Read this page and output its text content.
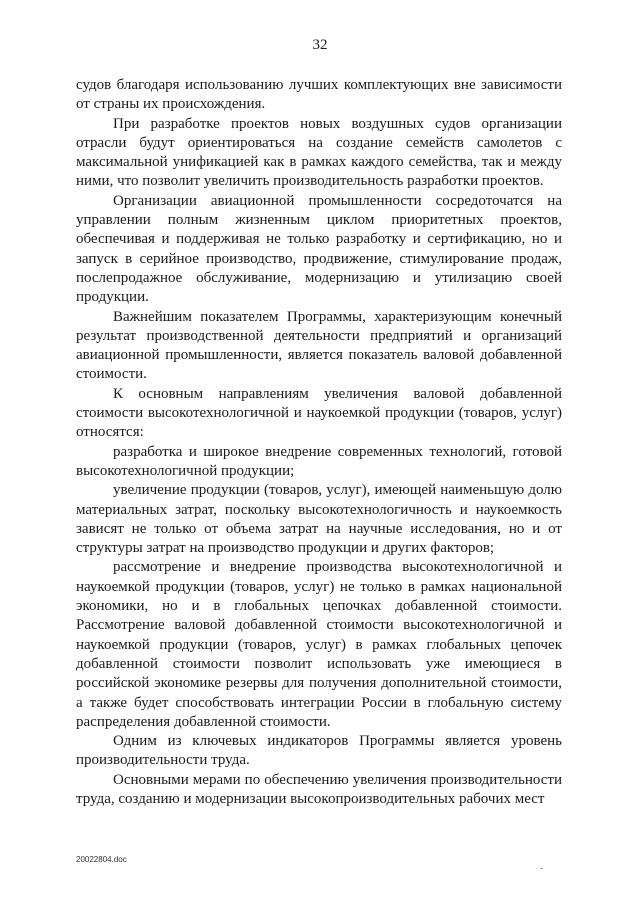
32

судов благодаря использованию лучших комплектующих вне зависимости от страны их происхождения.

При разработке проектов новых воздушных судов организации отрасли будут ориентироваться на создание семейств самолетов с максимальной унификацией как в рамках каждого семейства, так и между ними, что позволит увеличить производительность разработки проектов.

Организации авиационной промышленности сосредоточатся на управлении полным жизненным циклом приоритетных проектов, обеспечивая и поддерживая не только разработку и сертификацию, но и запуск в серийное производство, продвижение, стимулирование продаж, послепродажное обслуживание, модернизацию и утилизацию своей продукции.

Важнейшим показателем Программы, характеризующим конечный результат производственной деятельности предприятий и организаций авиационной промышленности, является показатель валовой добавленной стоимости.

К основным направлениям увеличения валовой добавленной стоимости высокотехнологичной и наукоемкой продукции (товаров, услуг) относятся:

разработка и широкое внедрение современных технологий, готовой высокотехнологичной продукции;

увеличение продукции (товаров, услуг), имеющей наименьшую долю материальных затрат, поскольку высокотехнологичность и наукоемкость зависят не только от объема затрат на научные исследования, но и от структуры затрат на производство продукции и других факторов;

рассмотрение и внедрение производства высокотехнологичной и наукоемкой продукции (товаров, услуг) не только в рамках национальной экономики, но и в глобальных цепочках добавленной стоимости. Рассмотрение валовой добавленной стоимости высокотехнологичной и наукоемкой продукции (товаров, услуг) в рамках глобальных цепочек добавленной стоимости позволит использовать уже имеющиеся в российской экономике резервы для получения дополнительной стоимости, а также будет способствовать интеграции России в глобальную систему распределения добавленной стоимости.

Одним из ключевых индикаторов Программы является уровень производительности труда.

Основными мерами по обеспечению увеличения производительности труда, созданию и модернизации высокопроизводительных рабочих мест

20022804.doc
